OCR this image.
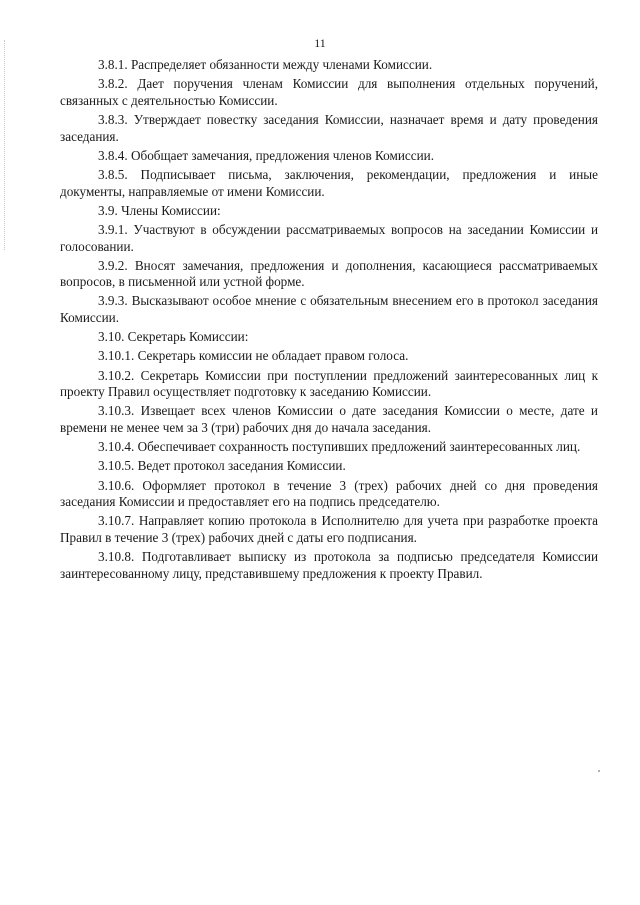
11

3.8.1. Распределяет обязанности между членами Комиссии.

3.8.2. Дает поручения членам Комиссии для выполнения отдельных поручений, связанных с деятельностью Комиссии.

3.8.3. Утверждает повестку заседания Комиссии, назначает время и дату проведения заседания.

3.8.4. Обобщает замечания, предложения членов Комиссии.

3.8.5. Подписывает письма, заключения, рекомендации, предложения и иные документы, направляемые от имени Комиссии.

3.9. Члены Комиссии:

3.9.1. Участвуют в обсуждении рассматриваемых вопросов на заседании Комиссии и голосовании.

3.9.2. Вносят замечания, предложения и дополнения, касающиеся рассматриваемых вопросов, в письменной или устной форме.

3.9.3. Высказывают особое мнение с обязательным внесением его в протокол заседания Комиссии.

3.10. Секретарь Комиссии:

3.10.1. Секретарь комиссии не обладает правом голоса.

3.10.2. Секретарь Комиссии при поступлении предложений заинтересованных лиц к проекту Правил осуществляет подготовку к заседанию Комиссии.

3.10.3. Извещает всех членов Комиссии о дате заседания Комиссии о месте, дате и времени не менее чем за 3 (три) рабочих дня до начала заседания.

3.10.4. Обеспечивает сохранность поступивших предложений заинтересованных лиц.

3.10.5. Ведет протокол заседания Комиссии.

3.10.6. Оформляет протокол в течение 3 (трех) рабочих дней со дня проведения заседания Комиссии и предоставляет его на подпись председателю.

3.10.7. Направляет копию протокола в Исполнителю для учета при разработке проекта Правил в течение 3 (трех) рабочих дней с даты его подписания.

3.10.8. Подготавливает выписку из протокола за подписью председателя Комиссии заинтересованному лицу, представившему предложения к проекту Правил.
